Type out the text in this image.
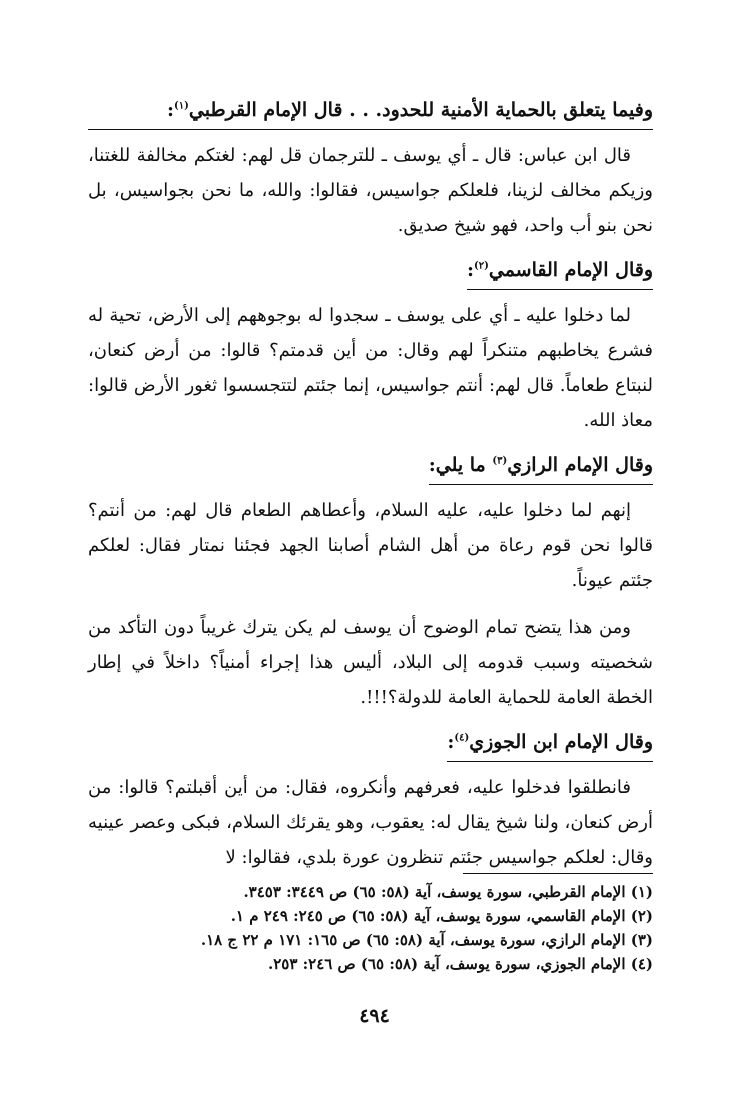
وفيما يتعلق بالحماية الأمنية للحدود. . . قال الإمام القرطبي$^{(١)}$:

قال ابن عباس: قال ـ أي يوسف ـ للترجمان قل لهم: لغتكم مخالفة للغتنا، وزيكم مخالف لزينا، فلعلكم جواسيس، فقالوا: والله، ما نحن بجواسيس، بل نحن بنو أب واحد، فهو شيخ صديق.

وقال الإمام القاسمي$^{(٢)}$:

لما دخلوا عليه ـ أي على يوسف ـ سجدوا له بوجوههم إلى الأرض، تحية له فشرع يخاطبهم متنكراً لهم وقال: من أين قدمتم؟ قالوا: من أرض كنعان، لنبتاع طعاماً. قال لهم: أنتم جواسيس، إنما جئتم لتتجسسوا ثغور الأرض قالوا: معاذ الله.

وقال الإمام الرازي$^{(٣)}$ ما يلي:

إنهم لما دخلوا عليه، عليه السلام، وأعطاهم الطعام قال لهم: من أنتم؟ قالوا نحن قوم رعاة من أهل الشام أصابنا الجهد فجئنا نمتار فقال: لعلكم جئتم عيوناً.

ومن هذا يتضح تمام الوضوح أن يوسف لم يكن يترك غريباً دون التأكد من شخصيته وسبب قدومه إلى البلاد، أليس هذا إجراء أمنياً؟ داخلاً في إطار الخطة العامة للحماية العامة للدولة؟!!!.

وقال الإمام ابن الجوزي$^{(٤)}$:

فانطلقوا فدخلوا عليه، فعرفهم وأنكروه، فقال: من أين أقبلتم؟ قالوا: من أرض كنعان، ولنا شيخ يقال له: يعقوب، وهو يقرئك السلام، فبكى وعصر عينيه وقال: لعلكم جواسيس جئتم تنظرون عورة بلدي، فقالوا: لا

(١) الإمام القرطبي، سورة يوسف، آية (٥٨: ٦٥) ص ٣٤٤٩: ٣٤٥٣.
(٢) الإمام القاسمي، سورة يوسف، آية (٥٨: ٦٥) ص ٢٤٥: ٢٤٩ م ١.
(٣) الإمام الرازي، سورة يوسف، آية (٥٨: ٦٥) ص ١٦٥: ١٧١ م ٢٢ ج ١٨.
(٤) الإمام الجوزي، سورة يوسف، آية (٥٨: ٦٥) ص ٢٤٦: ٢٥٣.
٤٩٤
